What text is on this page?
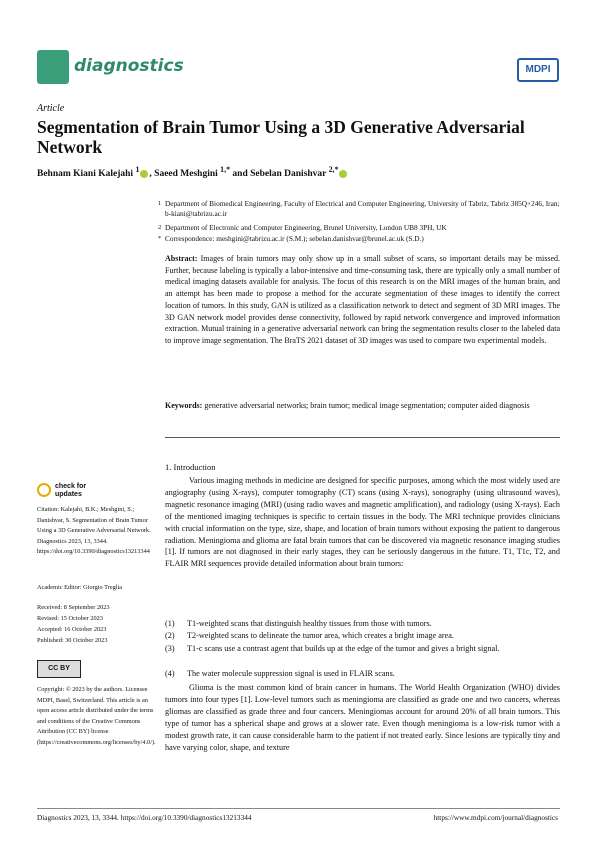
diagnostics	MDPI
Article
Segmentation of Brain Tumor Using a 3D Generative Adversarial Network
Behnam Kiani Kalejahi $^1$ , Saeed Meshgini $^{1,*}$ and Sebelan Danishvar $^{2,*}$
1 Department of Biomedical Engineering, Faculty of Electrical and Computer Engineering, University of Tabriz, Tabriz 385Q+246, Iran; b-kiani@tabrizu.ac.ir
2 Department of Electronic and Computer Engineering, Brunel University, London UB8 3PH, UK
* Correspondence: meshgini@tabrizu.ac.ir (S.M.); sebelan.danishvar@brunel.ac.uk (S.D.)
Abstract: Images of brain tumors may only show up in a small subset of scans, so important details may be missed. Further, because labeling is typically a labor-intensive and time-consuming task, there are typically only a small number of medical imaging datasets available for analysis. The focus of this research is on the MRI images of the human brain, and an attempt has been made to propose a method for the accurate segmentation of these images to identify the correct location of tumors. In this study, GAN is utilized as a classification network to detect and segment of 3D MRI images. The 3D GAN network model provides dense connectivity, followed by rapid network convergence and improved information extraction. Mutual training in a generative adversarial network can bring the segmentation results closer to the labeled data to improve image segmentation. The BraTS 2021 dataset of 3D images was used to compare two experimental models.
Keywords: generative adversarial networks; brain tumor; medical image segmentation; computer aided diagnosis
check for updates
Citation: Kalejahi, B.K.; Meshgini, S.; Danishvar, S. Segmentation of Brain Tumor Using a 3D Generative Adversarial Network. Diagnostics 2023, 13, 3344. https://doi.org/10.3390/diagnostics13213344
Academic Editor: Giorgio Treglia
Received: 8 September 2023
Revised: 15 October 2023
Accepted: 16 October 2023
Published: 30 October 2023
CC BY
Copyright: © 2023 by the authors. Licensee MDPI, Basel, Switzerland. This article is an open access article distributed under the terms and conditions of the Creative Commons Attribution (CC BY) license (https://creativecommons.org/licenses/by/4.0/).
1. Introduction
Various imaging methods in medicine are designed for specific purposes, among which the most widely used are angiography (using X-rays), computer tomography (CT) scans (using X-rays), sonography (using ultrasound waves), magnetic resonance imaging (MRI) (using radio waves and magnetic amplification), and radiology (using X-rays). Each of the mentioned imaging techniques is specific to certain tissues in the body. The MRI technique provides clinicians with crucial information on the type, size, shape, and location of brain tumors without exposing the patient to dangerous radiation. Meningioma and glioma are fatal brain tumors that can be discovered via magnetic resonance imaging studies [1]. If tumors are not diagnosed in their early stages, they can be seriously dangerous in the future. T1, T1c, T2, and FLAIR MRI sequences provide detailed information about brain tumors:
(1) T1-weighted scans that distinguish healthy tissues from those with tumors.
(2) T2-weighted scans to delineate the tumor area, which creates a bright image area.
(3) T1-c scans use a contrast agent that builds up at the edge of the tumor and gives a bright signal.
(4) The water molecule suppression signal is used in FLAIR scans.
Glioma is the most common kind of brain cancer in humans. The World Health Organization (WHO) divides tumors into four types [1]. Low-level tumors such as meningioma are classified as grade one and two cancers, whereas gliomas are classified as grade three and four cancers. Meningiomas account for around 20% of all brain tumors. This type of tumor has a spherical shape and grows at a slower rate. Even though meningioma is a low-risk tumor with a modest growth rate, it can cause considerable harm to the patient if not treated early. Since lesions are typically tiny and have varying color, shape, and texture
Diagnostics 2023, 13, 3344. https://doi.org/10.3390/diagnostics13213344	https://www.mdpi.com/journal/diagnostics
